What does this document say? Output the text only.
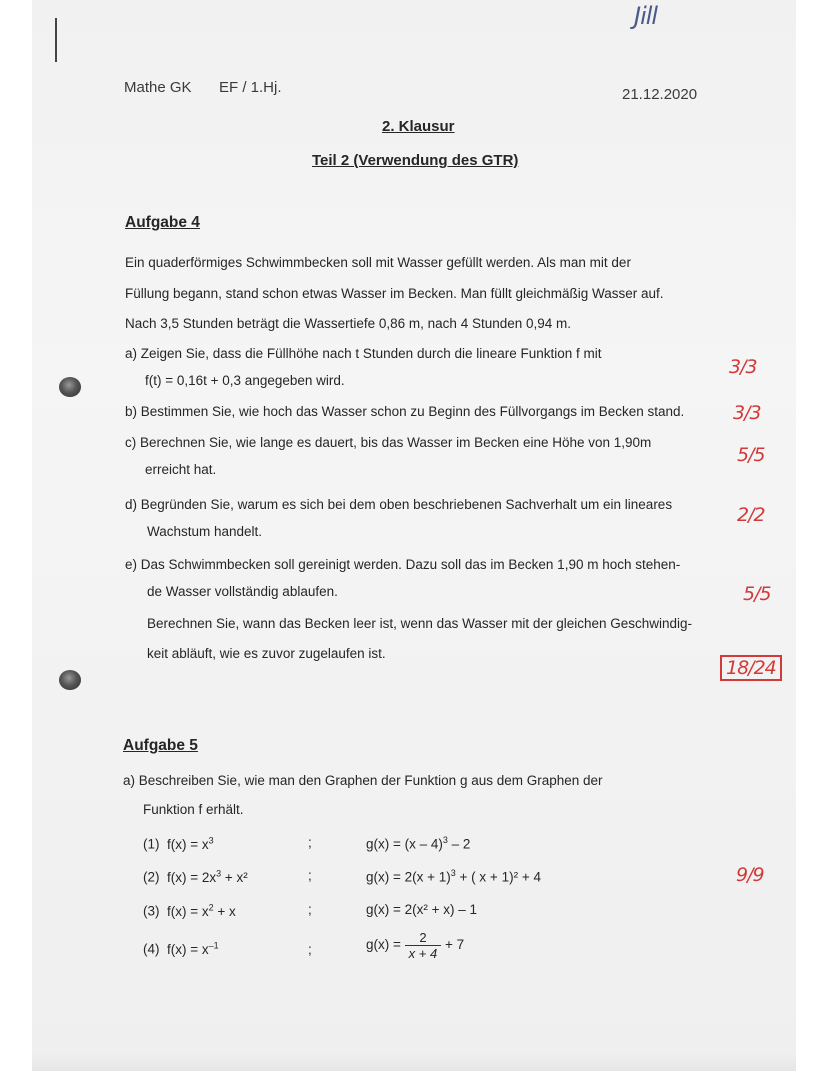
Jill
3/3
3/3
5/5
2/2
5/5
18/24
9/9
Mathe GK EF / 1.Hj.	21.12.2020
2. Klausur
Teil 2 (Verwendung des GTR)
Aufgabe 4
Ein quaderförmiges Schwimmbecken soll mit Wasser gefüllt werden. Als man mit der
Füllung begann, stand schon etwas Wasser im Becken. Man füllt gleichmäßig Wasser auf.
Nach 3,5 Stunden beträgt die Wassertiefe 0,86 m, nach 4 Stunden 0,94 m.
a) Zeigen Sie, dass die Füllhöhe nach t Stunden durch die lineare Funktion f mit
f(t) = 0,16t + 0,3 angegeben wird.
b) Bestimmen Sie, wie hoch das Wasser schon zu Beginn des Füllvorgangs im Becken stand.
c) Berechnen Sie, wie lange es dauert, bis das Wasser im Becken eine Höhe von 1,90m
erreicht hat.
d) Begründen Sie, warum es sich bei dem oben beschriebenen Sachverhalt um ein lineares
Wachstum handelt.
e) Das Schwimmbecken soll gereinigt werden. Dazu soll das im Becken 1,90 m hoch stehen-
de Wasser vollständig ablaufen.
Berechnen Sie, wann das Becken leer ist, wenn das Wasser mit der gleichen Geschwindig-
keit abläuft, wie es zuvor zugelaufen ist.
Aufgabe 5
a) Beschreiben Sie, wie man den Graphen der Funktion g aus dem Graphen der
Funktion f erhält.
(1) $f(x) = x^3$	;	g(x) = (x – 4)$^3$ – 2
(2) $f(x) = 2x^3 + x^2$	;	$g(x) = 2(x + 1)^3$ + ( x + 1)² + 4
(3) $f(x) = x^2 + x$	;	g(x) = 2(x² + x) – 1
(4) $f(x) = x^{-1}$	;	$g(x) = \frac{2}{x + 4} + 7$
